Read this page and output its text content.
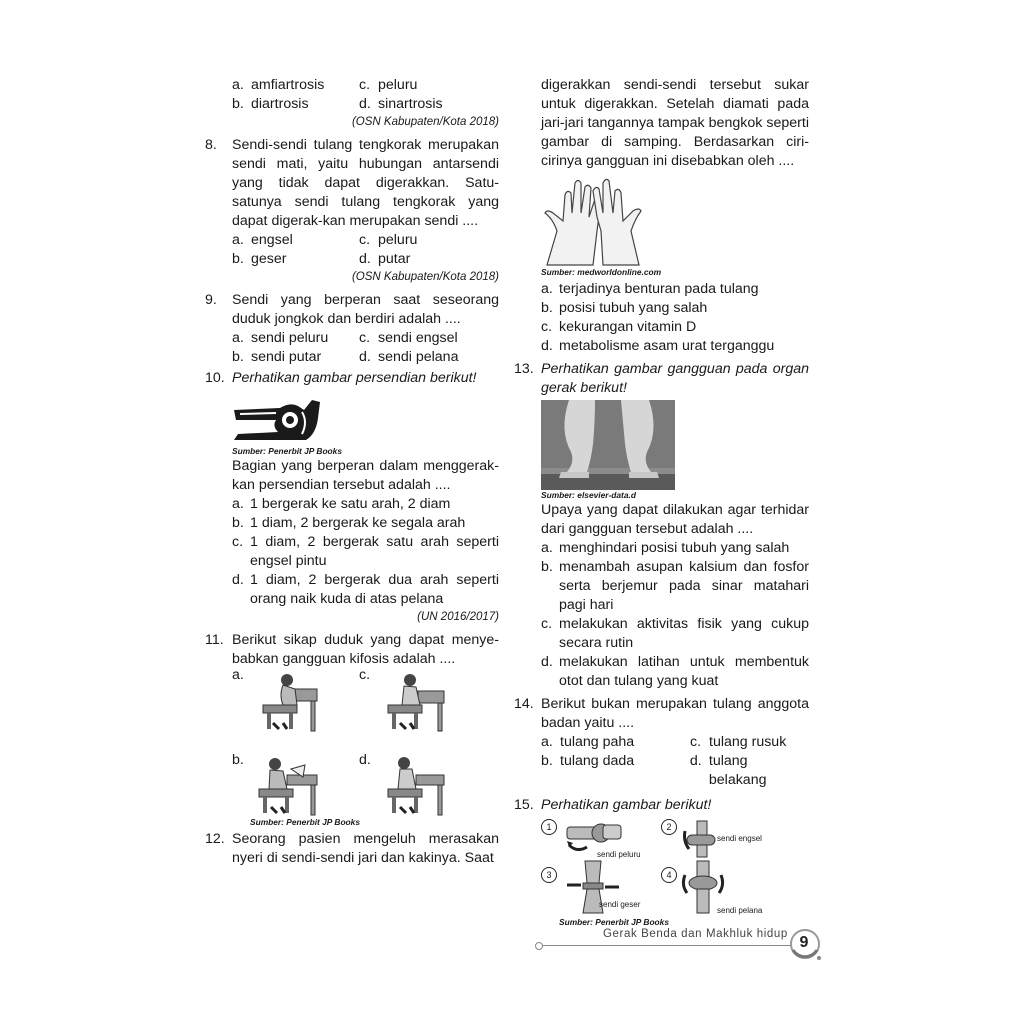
a. amfiartrosis c. peluru
b. diartrosis	d. sinartrosis
(OSN Kabupaten/Kota 2018)
8.	Sendi-sendi tulang tengkorak merupakan sendi mati, yaitu hubungan antarsendi yang tidak dapat digerakkan. Satu-satunya sendi tulang tengkorak yang dapat digerak-kan merupakan sendi ....
a. engsel	c. peluru
b. geser	d. putar
(OSN Kabupaten/Kota 2018)
9.	Sendi yang berperan saat seseorang duduk jongkok dan berdiri adalah ....
a. sendi peluru c. sendi engsel
b. sendi putar	d. sendi pelana
10. Perhatikan gambar persendian berikut!
Sumber: Penerbit JP Books
Bagian yang berperan dalam menggerak-kan persendian tersebut adalah ....
a. 1 bergerak ke satu arah, 2 diam
b. 1 diam, 2 bergerak ke segala arah
c. 1 diam, 2 bergerak satu arah seperti engsel pintu
d. 1 diam, 2 bergerak dua arah seperti orang naik kuda di atas pelana
(UN 2016/2017)
11. Berikut sikap duduk yang dapat menye-babkan gangguan kifosis adalah ....
a.	c.
b.	d.
Sumber: Penerbit JP Books
12. Seorang pasien mengeluh merasakan nyeri di sendi-sendi jari dan kakinya. Saat
digerakkan sendi-sendi tersebut sukar untuk digerakkan. Setelah diamati pada jari-jari tangannya tampak bengkok seperti gambar di samping. Berdasarkan ciri-cirinya gangguan ini disebabkan oleh ....
Sumber: medworldonline.com
a. terjadinya benturan pada tulang
b. posisi tubuh yang salah
c. kekurangan vitamin D
d. metabolisme asam urat terganggu
13. Perhatikan gambar gangguan pada organ gerak berikut!
Sumber: elsevier-data.d
Upaya yang dapat dilakukan agar terhidar dari gangguan tersebut adalah ....
a. menghindari posisi tubuh yang salah
b. menambah asupan kalsium dan fosfor serta berjemur pada sinar matahari pagi hari
c. melakukan aktivitas fisik yang cukup secara rutin
d. melakukan latihan untuk membentuk otot dan tulang yang kuat
14. Berikut bukan merupakan tulang anggota badan yaitu ....
a. tulang paha	c. tulang rusuk
b. tulang dada	d. tulang belakang
15. Perhatikan gambar berikut!
1
sendi peluru
2
sendi engsel
3
sendi geser
4
sendi pelana
Sumber: Penerbit JP Books
Gerak Benda dan Makhluk hidup 9
